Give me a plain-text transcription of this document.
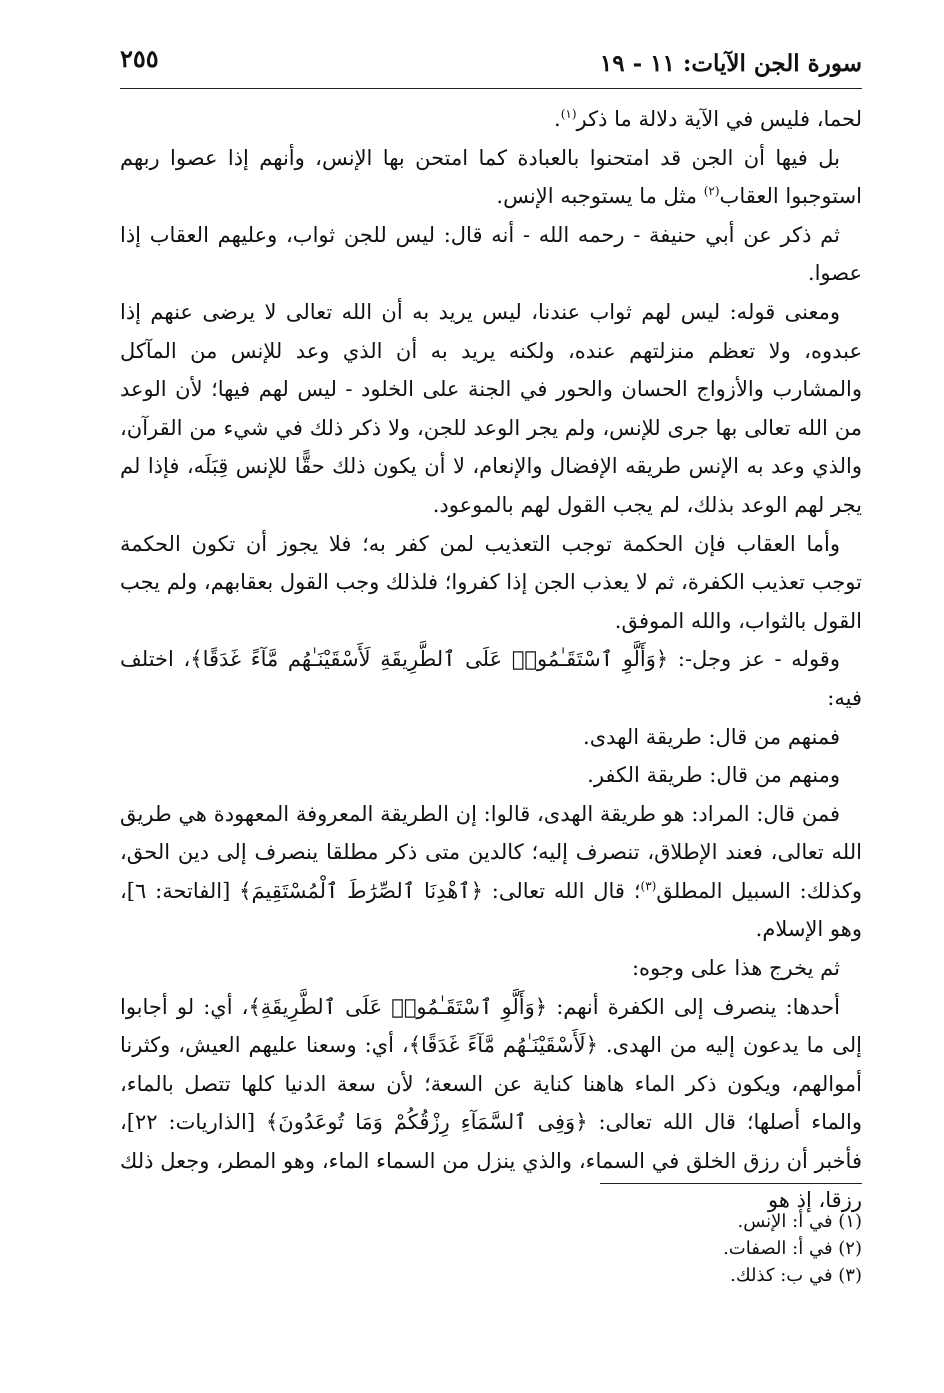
سورة الجن الآيات: ١١ - ١٩
٢٥٥

لحما، فليس في الآية دلالة ما ذكر$^{(١)}$.

بل فيها أن الجن قد امتحنوا بالعبادة كما امتحن بها الإنس، وأنهم إذا عصوا ربهم استوجبوا العقاب$^{(٢)}$ مثل ما يستوجبه الإنس.

ثم ذكر عن أبي حنيفة - رحمه الله - أنه قال: ليس للجن ثواب، وعليهم العقاب إذا عصوا.

ومعنى قوله: ليس لهم ثواب عندنا، ليس يريد به أن الله تعالى لا يرضى عنهم إذا عبدوه، ولا تعظم منزلتهم عنده، ولكنه يريد به أن الذي وعد للإنس من المآكل والمشارب والأزواج الحسان والحور في الجنة على الخلود - ليس لهم فيها؛ لأن الوعد من الله تعالى بها جرى للإنس، ولم يجر الوعد للجن، ولا ذكر ذلك في شيء من القرآن، والذي وعد به الإنس طريقه الإفضال والإنعام، لا أن يكون ذلك حقًّا للإنس قِبَلَه، فإذا لم يجر لهم الوعد بذلك، لم يجب القول لهم بالموعود.

وأما العقاب فإن الحكمة توجب التعذيب لمن كفر به؛ فلا يجوز أن تكون الحكمة توجب تعذيب الكفرة، ثم لا يعذب الجن إذا كفروا؛ فلذلك وجب القول بعقابهم، ولم يجب القول بالثواب، والله الموفق.

وقوله - عز وجل-: ﴿وَأَلَّوِ ٱسْتَقَـٰمُوا۟ عَلَى ٱلطَّرِيقَةِ لَأَسْقَيْنَـٰهُم مَّآءً غَدَقًا﴾، اختلف فيه:

فمنهم من قال: طريقة الهدى.

ومنهم من قال: طريقة الكفر.

فمن قال: المراد: هو طريقة الهدى، قالوا: إن الطريقة المعروفة المعهودة هي طريق الله تعالى، فعند الإطلاق، تنصرف إليه؛ كالدين متى ذكر مطلقا ينصرف إلى دين الحق، وكذلك: السبيل المطلق$^{(٣)}$؛ قال الله تعالى: ﴿ٱهْدِنَا ٱلصِّرَٰطَ ٱلْمُسْتَقِيمَ﴾ [الفاتحة: ٦]، وهو الإسلام.

ثم يخرج هذا على وجوه:

أحدها: ينصرف إلى الكفرة أنهم: ﴿وَأَلَّوِ ٱسْتَقَـٰمُوا۟ عَلَى ٱلطَّرِيقَةِ﴾، أي: لو أجابوا إلى ما يدعون إليه من الهدى. ﴿لَأَسْقَيْنَـٰهُم مَّآءً غَدَقًا﴾، أي: وسعنا عليهم العيش، وكثرنا أموالهم، ويكون ذكر الماء هاهنا كناية عن السعة؛ لأن سعة الدنيا كلها تتصل بالماء، والماء أصلها؛ قال الله تعالى: ﴿وَفِى ٱلسَّمَآءِ رِزْقُكُمْ وَمَا تُوعَدُونَ﴾ [الذاريات: ٢٢]، فأخبر أن رزق الخلق في السماء، والذي ينزل من السماء الماء، وهو المطر، وجعل ذلك رزقا، إذ هو

(١) في أ: الإنس.
(٢) في أ: الصفات.
(٣) في ب: كذلك.
